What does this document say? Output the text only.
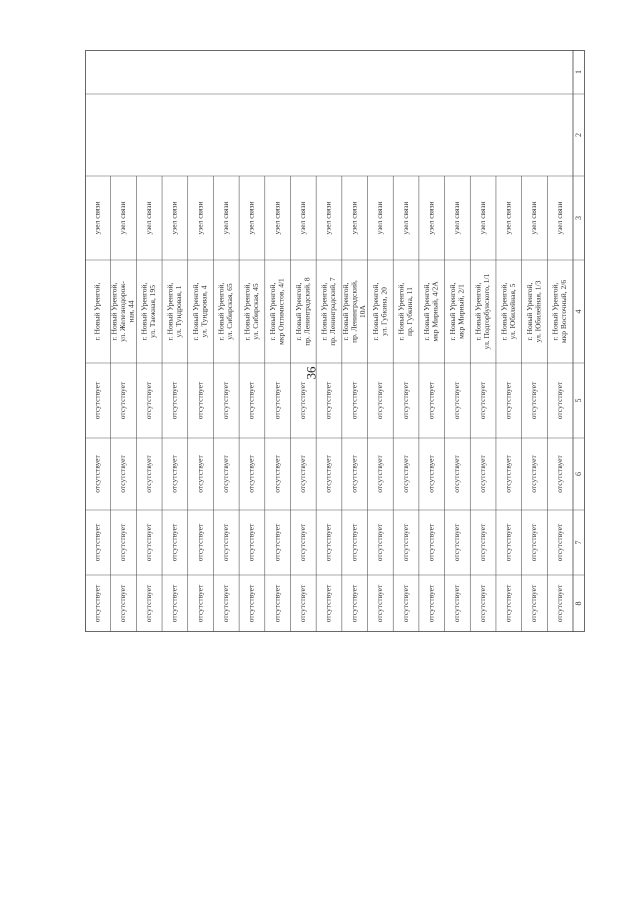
36
1
2
3
4
5
6
7
8
узел связи
г. Новый Уренгой, мкр Восточный, 2/6
отсутствует
отсутствует
отсутствует
отсутствует
узел связи
г. Новый Уренгой, ул. Юбилейная, 1/3
отсутствует
отсутствует
отсутствует
отсутствует
узел связи
г. Новый Уренгой, ул. Юбилейная, 5
отсутствует
отсутствует
отсутствует
отсутствует
узел связи
г. Новый Уренгой, ул. Подгорбунского, 1/1
отсутствует
отсутствует
отсутствует
отсутствует
узел связи
г. Новый Уренгой, мкр Мирный, 2/1
отсутствует
отсутствует
отсутствует
отсутствует
узел связи
г. Новый Уренгой, мкр Мирный, 4/2А
отсутствует
отсутствует
отсутствует
отсутствует
узел связи
г. Новый Уренгой, пр. Губкина, 11
отсутствует
отсутствует
отсутствует
отсутствует
узел связи
г. Новый Уренгой, ул. Губкина, 20
отсутствует
отсутствует
отсутствует
отсутствует
узел связи
г. Новый Уренгой, пр. Ленинградский, 10А
отсутствует
отсутствует
отсутствует
отсутствует
узел связи
г. Новый Уренгой, пр. Ленинградский, 7
отсутствует
отсутствует
отсутствует
отсутствует
узел связи
г. Новый Уренгой, пр. Ленинградский, 8
отсутствует
отсутствует
отсутствует
отсутствует
узел связи
г. Новый Уренгой, мкр Оптимистов, 4/1
отсутствует
отсутствует
отсутствует
отсутствует
узел связи
г. Новый Уренгой, ул. Сибирская, 45
отсутствует
отсутствует
отсутствует
отсутствует
узел связи
г. Новый Уренгой, ул. Сибирская, 65
отсутствует
отсутствует
отсутствует
отсутствует
узел связи
г. Новый Уренгой, ул. Тундровая, 4
отсутствует
отсутствует
отсутствует
отсутствует
узел связи
г. Новый Уренгой, ул. Тундровая, 1
отсутствует
отсутствует
отсутствует
отсутствует
узел связи
г. Новый Уренгой, ул. Таежная, 195
отсутствует
отсутствует
отсутствует
отсутствует
узел связи
г. Новый Уренгой, ул. Железнодорож- ная, 44
отсутствует
отсутствует
отсутствует
отсутствует
узел связи
г. Новый Уренгой,
отсутствует
отсутствует
отсутствует
отсутствует
